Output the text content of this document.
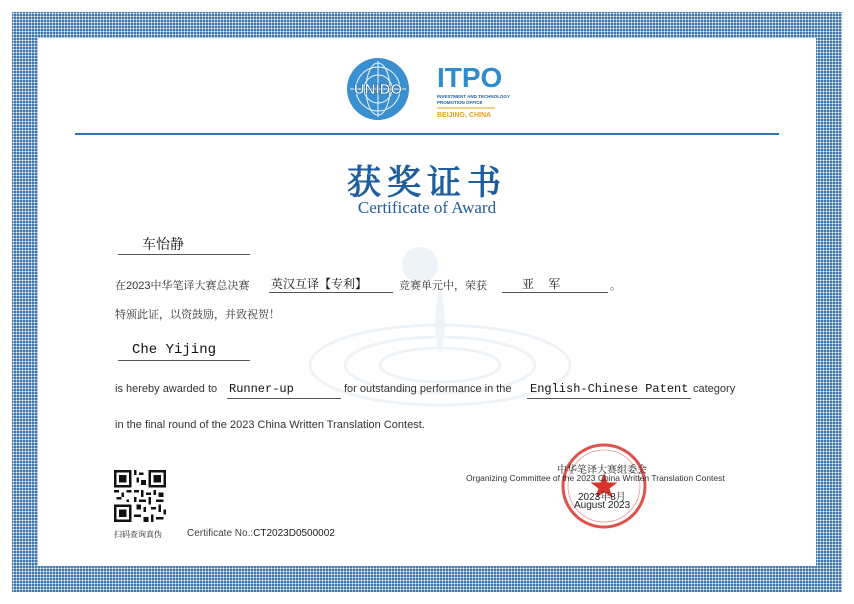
UNIDO ITPO
INVESTMENT AND TECHNOLOGY
PROMOTION OFFICE
BEIJING, CHINA
获奖证书
Certificate of Award
车怡静
在2023中华笔译大赛总决赛 英汉互译【专利】	竞赛单元中，荣获	亚  军	。
特颁此证，以资鼓励，并致祝贺！
Che Yijing
is hereby awarded to Runner-up	for outstanding performance in the English-Chinese Patent category
in the final round of the 2023 China Written Translation Contest.
扫码查询真伪	Certificate No.:CT2023D0500002
中华笔译大赛组委会
Organizing Committee of the 2023 China Written Translation Contest
2023年8月
August 2023
